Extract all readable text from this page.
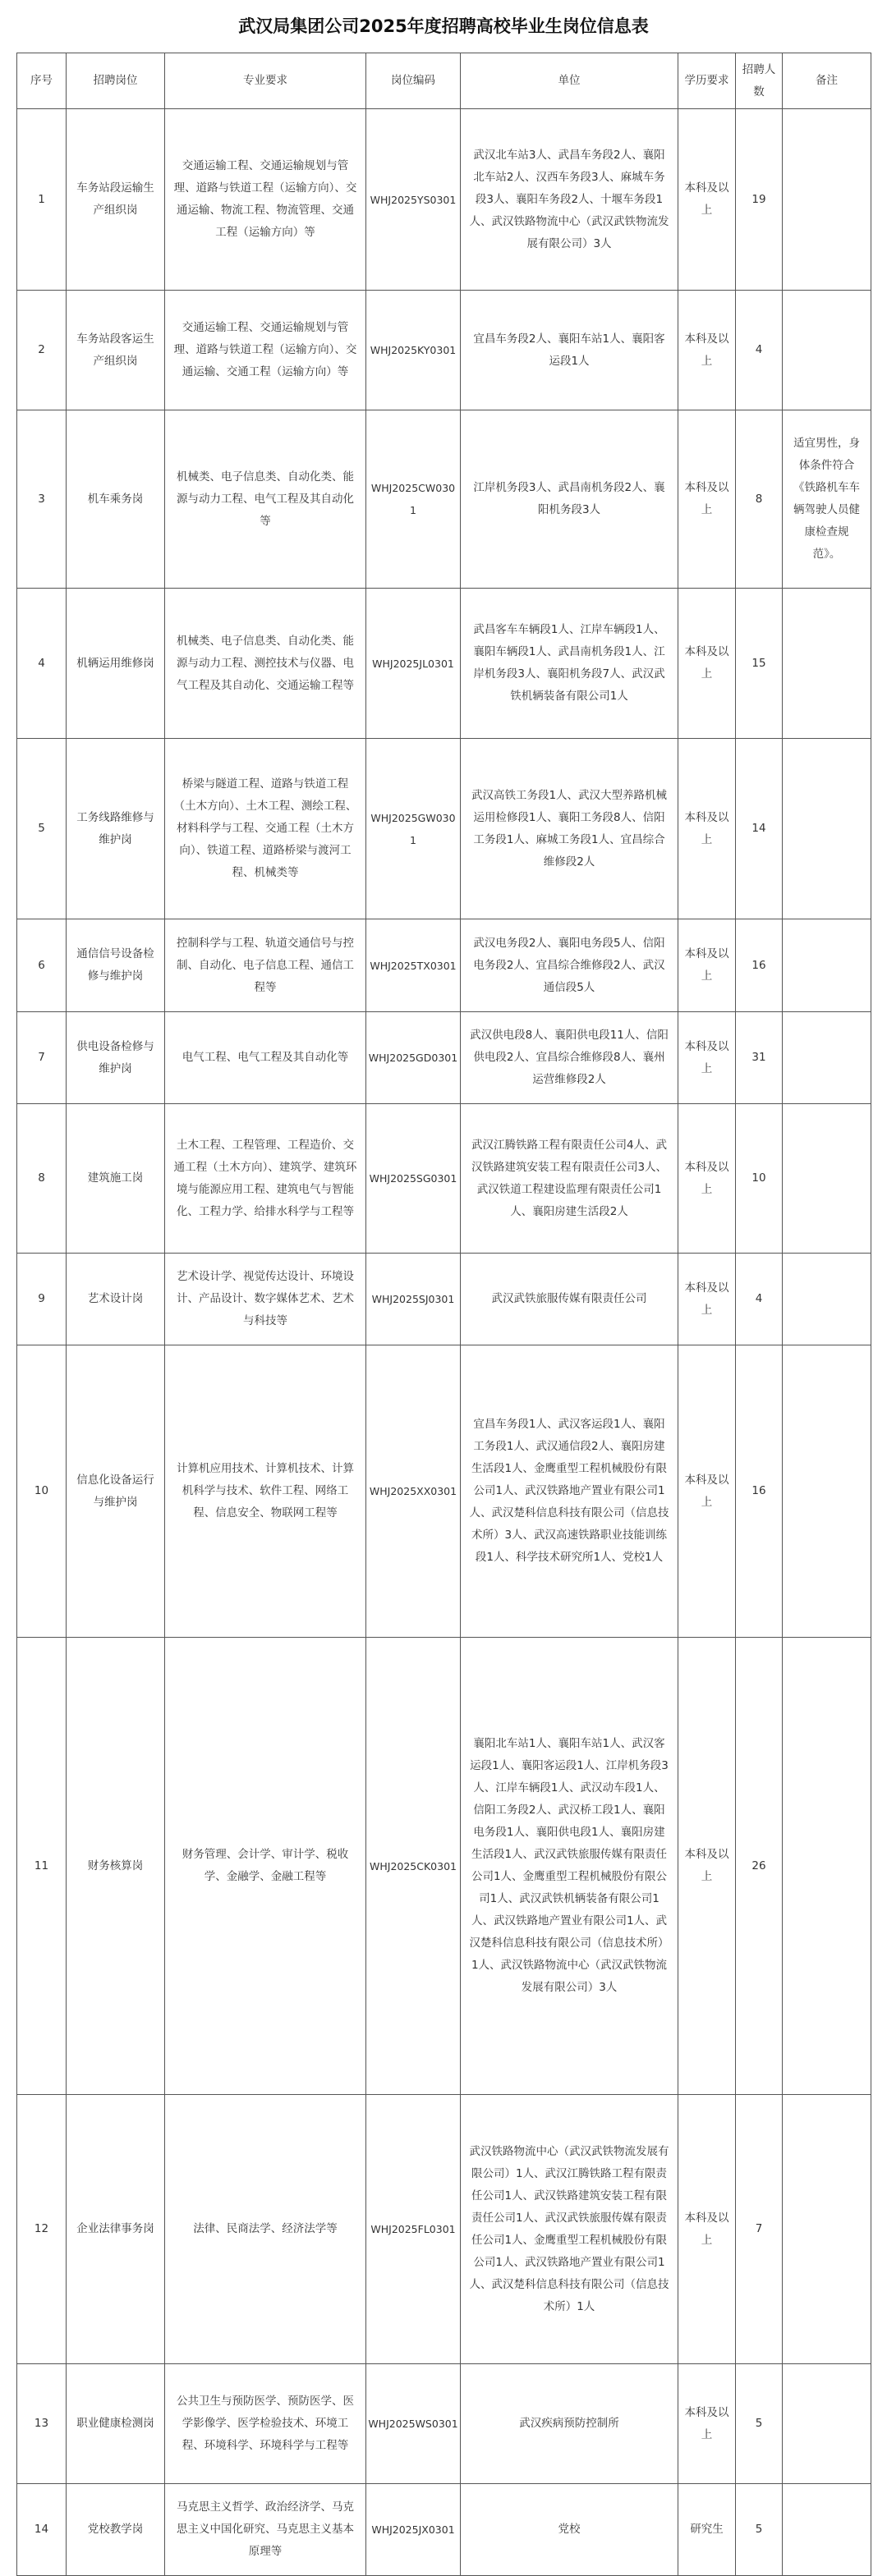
武汉局集团公司2025年度招聘高校毕业生岗位信息表
序号	招聘岗位	专业要求	岗位编码	单位	学历要求	招聘人数	备注
1	车务站段运输生产组织岗	交通运输工程、交通运输规划与管理、道路与铁道工程（运输方向）、交通运输、物流工程、物流管理、交通工程（运输方向）等	WHJ2025YS0301	武汉北车站3人、武昌车务段2人、襄阳北车站2人、汉西车务段3人、麻城车务段3人、襄阳车务段2人、十堰车务段1人、武汉铁路物流中心（武汉武铁物流发展有限公司）3人	本科及以上	19	
2	车务站段客运生产组织岗	交通运输工程、交通运输规划与管理、道路与铁道工程（运输方向）、交通运输、交通工程（运输方向）等	WHJ2025KY0301	宜昌车务段2人、襄阳车站1人、襄阳客运段1人	本科及以上	4	
3	机车乘务岗	机械类、电子信息类、自动化类、能源与动力工程、电气工程及其自动化等	WHJ2025CW0301	江岸机务段3人、武昌南机务段2人、襄阳机务段3人	本科及以上	8	适宜男性，身体条件符合《铁路机车车辆驾驶人员健康检查规范》。
4	机辆运用维修岗	机械类、电子信息类、自动化类、能源与动力工程、测控技术与仪器、电气工程及其自动化、交通运输工程等	WHJ2025JL0301	武昌客车车辆段1人、江岸车辆段1人、襄阳车辆段1人、武昌南机务段1人、江岸机务段3人、襄阳机务段7人、武汉武铁机辆装备有限公司1人	本科及以上	15	
5	工务线路维修与维护岗	桥梁与隧道工程、道路与铁道工程（土木方向）、土木工程、测绘工程、材料科学与工程、交通工程（土木方向）、铁道工程、道路桥梁与渡河工程、机械类等	WHJ2025GW0301	武汉高铁工务段1人、武汉大型养路机械运用检修段1人、襄阳工务段8人、信阳工务段1人、麻城工务段1人、宜昌综合维修段2人	本科及以上	14	
6	通信信号设备检修与维护岗	控制科学与工程、轨道交通信号与控制、自动化、电子信息工程、通信工程等	WHJ2025TX0301	武汉电务段2人、襄阳电务段5人、信阳电务段2人、宜昌综合维修段2人、武汉通信段5人	本科及以上	16	
7	供电设备检修与维护岗	电气工程、电气工程及其自动化等	WHJ2025GD0301	武汉供电段8人、襄阳供电段11人、信阳供电段2人、宜昌综合维修段8人、襄州运营维修段2人	本科及以上	31	
8	建筑施工岗	土木工程、工程管理、工程造价、交通工程（土木方向）、建筑学、建筑环境与能源应用工程、建筑电气与智能化、工程力学、给排水科学与工程等	WHJ2025SG0301	武汉江腾铁路工程有限责任公司4人、武汉铁路建筑安装工程有限责任公司3人、武汉铁道工程建设监理有限责任公司1人、襄阳房建生活段2人	本科及以上	10	
9	艺术设计岗	艺术设计学、视觉传达设计、环境设计、产品设计、数字媒体艺术、艺术与科技等	WHJ2025SJ0301	武汉武铁旅服传媒有限责任公司	本科及以上	4	
10	信息化设备运行与维护岗	计算机应用技术、计算机技术、计算机科学与技术、软件工程、网络工程、信息安全、物联网工程等	WHJ2025XX0301	宜昌车务段1人、武汉客运段1人、襄阳工务段1人、武汉通信段2人、襄阳房建生活段1人、金鹰重型工程机械股份有限公司1人、武汉铁路地产置业有限公司1人、武汉楚科信息科技有限公司（信息技术所）3人、武汉高速铁路职业技能训练段1人、科学技术研究所1人、党校1人	本科及以上	16	
11	财务核算岗	财务管理、会计学、审计学、税收学、金融学、金融工程等	WHJ2025CK0301	襄阳北车站1人、襄阳车站1人、武汉客运段1人、襄阳客运段1人、江岸机务段3人、江岸车辆段1人、武汉动车段1人、信阳工务段2人、武汉桥工段1人、襄阳电务段1人、襄阳供电段1人、襄阳房建生活段1人、武汉武铁旅服传媒有限责任公司1人、金鹰重型工程机械股份有限公司1人、武汉武铁机辆装备有限公司1人、武汉铁路地产置业有限公司1人、武汉楚科信息科技有限公司（信息技术所）1人、武汉铁路物流中心（武汉武铁物流发展有限公司）3人	本科及以上	26	
12	企业法律事务岗	法律、民商法学、经济法学等	WHJ2025FL0301	武汉铁路物流中心（武汉武铁物流发展有限公司）1人、武汉江腾铁路工程有限责任公司1人、武汉铁路建筑安装工程有限责任公司1人、武汉武铁旅服传媒有限责任公司1人、金鹰重型工程机械股份有限公司1人、武汉铁路地产置业有限公司1人、武汉楚科信息科技有限公司（信息技术所）1人	本科及以上	7	
13	职业健康检测岗	公共卫生与预防医学、预防医学、医学影像学、医学检验技术、环境工程、环境科学、环境科学与工程等	WHJ2025WS0301	武汉疾病预防控制所	本科及以上	5	
14	党校教学岗	马克思主义哲学、政治经济学、马克思主义中国化研究、马克思主义基本原理等	WHJ2025JX0301	党校	研究生	5	
